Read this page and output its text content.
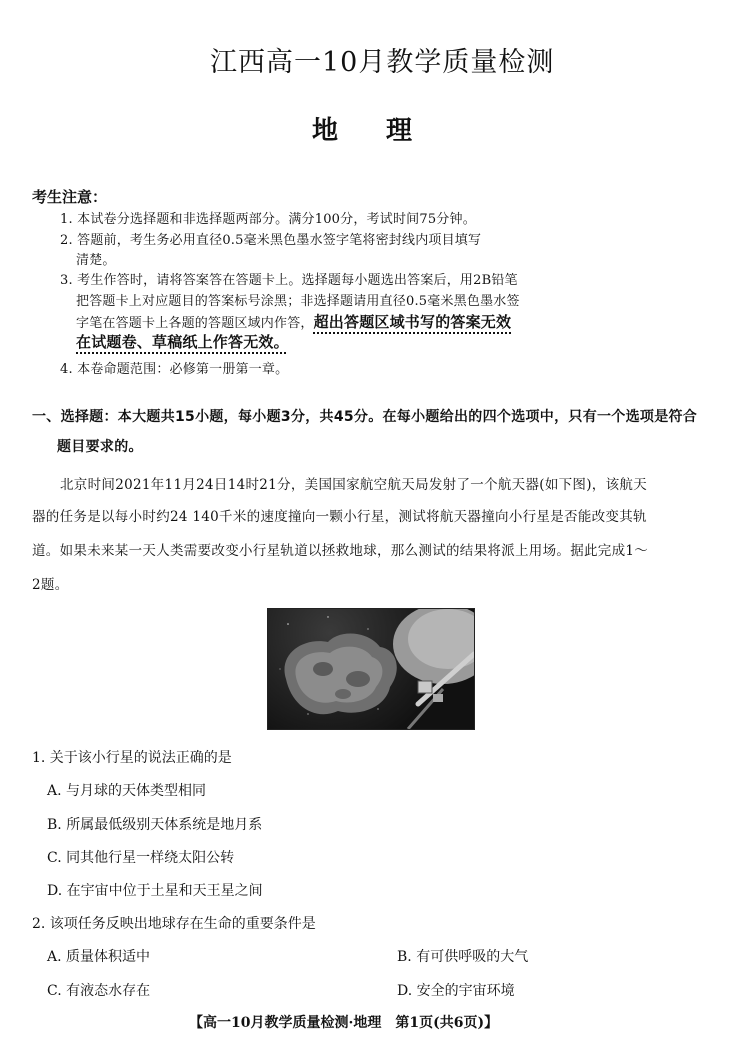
江西高一10月教学质量检测
地 理
考生注意：
1. 本试卷分选择题和非选择题两部分。满分100分，考试时间75分钟。
2. 答题前，考生务必用直径0.5毫米黑色墨水签字笔将密封线内项目填写
清楚。
3. 考生作答时，请将答案答在答题卡上。选择题每小题选出答案后，用2B铅笔
把答题卡上对应题目的答案标号涂黑；非选择题请用直径0.5毫米黑色墨水签
字笔在答题卡上各题的答题区域内作答，超出答题区域书写的答案无效
在试题卷、草稿纸上作答无效。
4. 本卷命题范围：必修第一册第一章。
一、选择题：本大题共15小题，每小题3分，共45分。在每小题给出的四个选项中，只有一个选项是符合
题目要求的。
北京时间2021年11月24日14时21分，美国国家航空航天局发射了一个航天器(如下图)，该航天
器的任务是以每小时约24 140千米的速度撞向一颗小行星，测试将航天器撞向小行星是否能改变其轨
道。如果未来某一天人类需要改变小行星轨道以拯救地球，那么测试的结果将派上用场。据此完成1～
2题。
1. 关于该小行星的说法正确的是
A. 与月球的天体类型相同
B. 所属最低级别天体系统是地月系
C. 同其他行星一样绕太阳公转
D. 在宇宙中位于土星和天王星之间
2. 该项任务反映出地球存在生命的重要条件是
A. 质量体积适中	B. 有可供呼吸的大气
C. 有液态水存在	D. 安全的宇宙环境
【高一10月教学质量检测·地理　第1页(共6页)】
